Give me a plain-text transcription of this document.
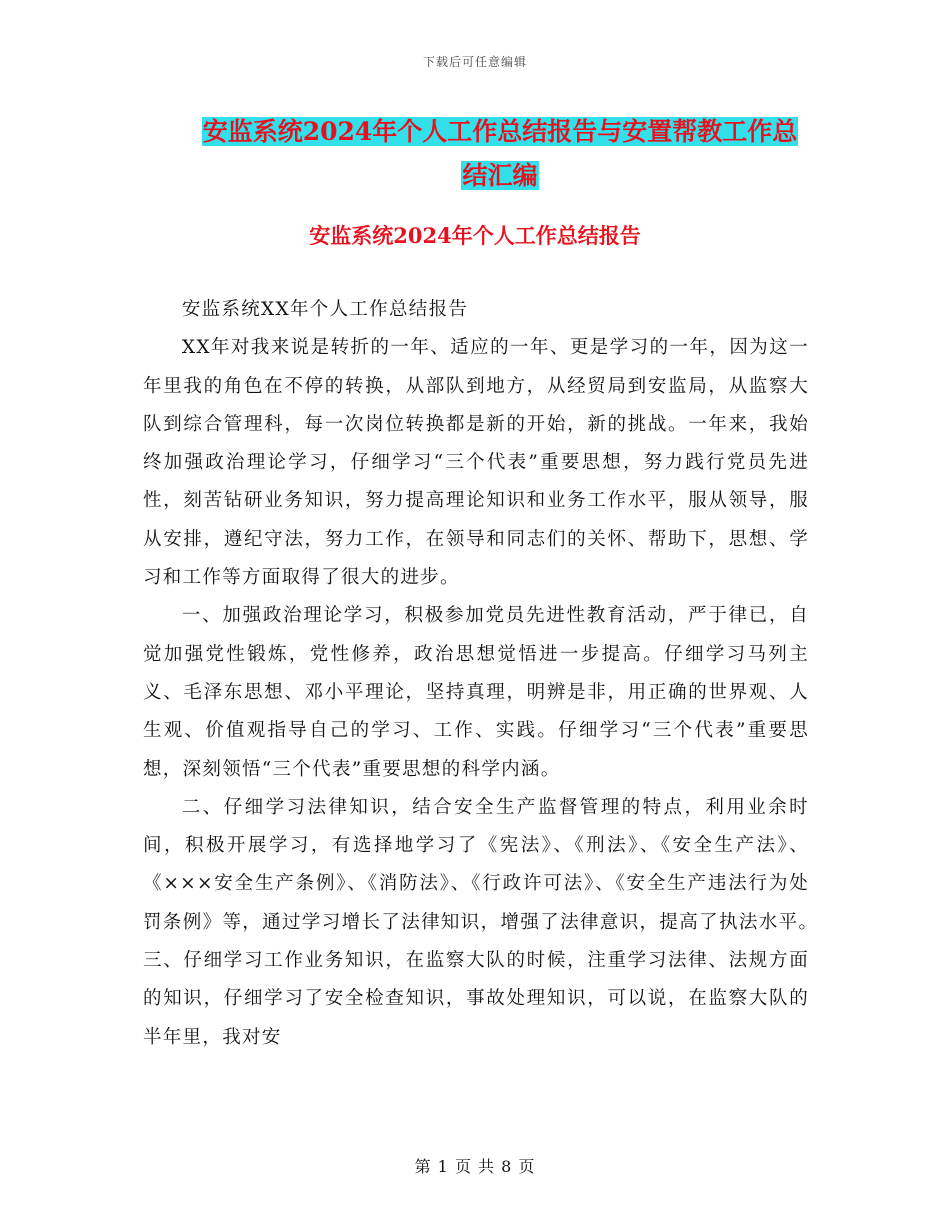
下载后可任意编辑
安监系统2024年个人工作总结报告与安置帮教工作总
结汇编
安监系统2024年个人工作总结报告

安监系统XX年个人工作总结报告

XX年对我来说是转折的一年、适应的一年、更是学习的一年，因为这一年里我的角色在不停的转换，从部队到地方，从经贸局到安监局，从监察大队到综合管理科，每一次岗位转换都是新的开始，新的挑战。一年来，我始终加强政治理论学习，仔细学习“三个代表”重要思想，努力践行党员先进性，刻苦钻研业务知识，努力提高理论知识和业务工作水平，服从领导，服从安排，遵纪守法，努力工作，在领导和同志们的关怀、帮助下，思想、学习和工作等方面取得了很大的进步。

一、加强政治理论学习，积极参加党员先进性教育活动，严于律已，自觉加强党性锻炼，党性修养，政治思想觉悟进一步提高。仔细学习马列主义、毛泽东思想、邓小平理论，坚持真理，明辨是非，用正确的世界观、人生观、价值观指导自己的学习、工作、实践。仔细学习“三个代表”重要思想，深刻领悟“三个代表”重要思想的科学内涵。

二、仔细学习法律知识，结合安全生产监督管理的特点，利用业余时间，积极开展学习，有选择地学习了《宪法》、《刑法》、《安全生产法》、《×××安全生产条例》、《消防法》、《行政许可法》、《安全生产违法行为处罚条例》等，通过学习增长了法律知识，增强了法律意识，提高了执法水平。　　三、仔细学习工作业务知识，在监察大队的时候，注重学习法律、法规方面的知识，仔细学习了安全检查知识，事故处理知识，可以说，在监察大队的半年里，我对安

第 1 页 共 8 页
